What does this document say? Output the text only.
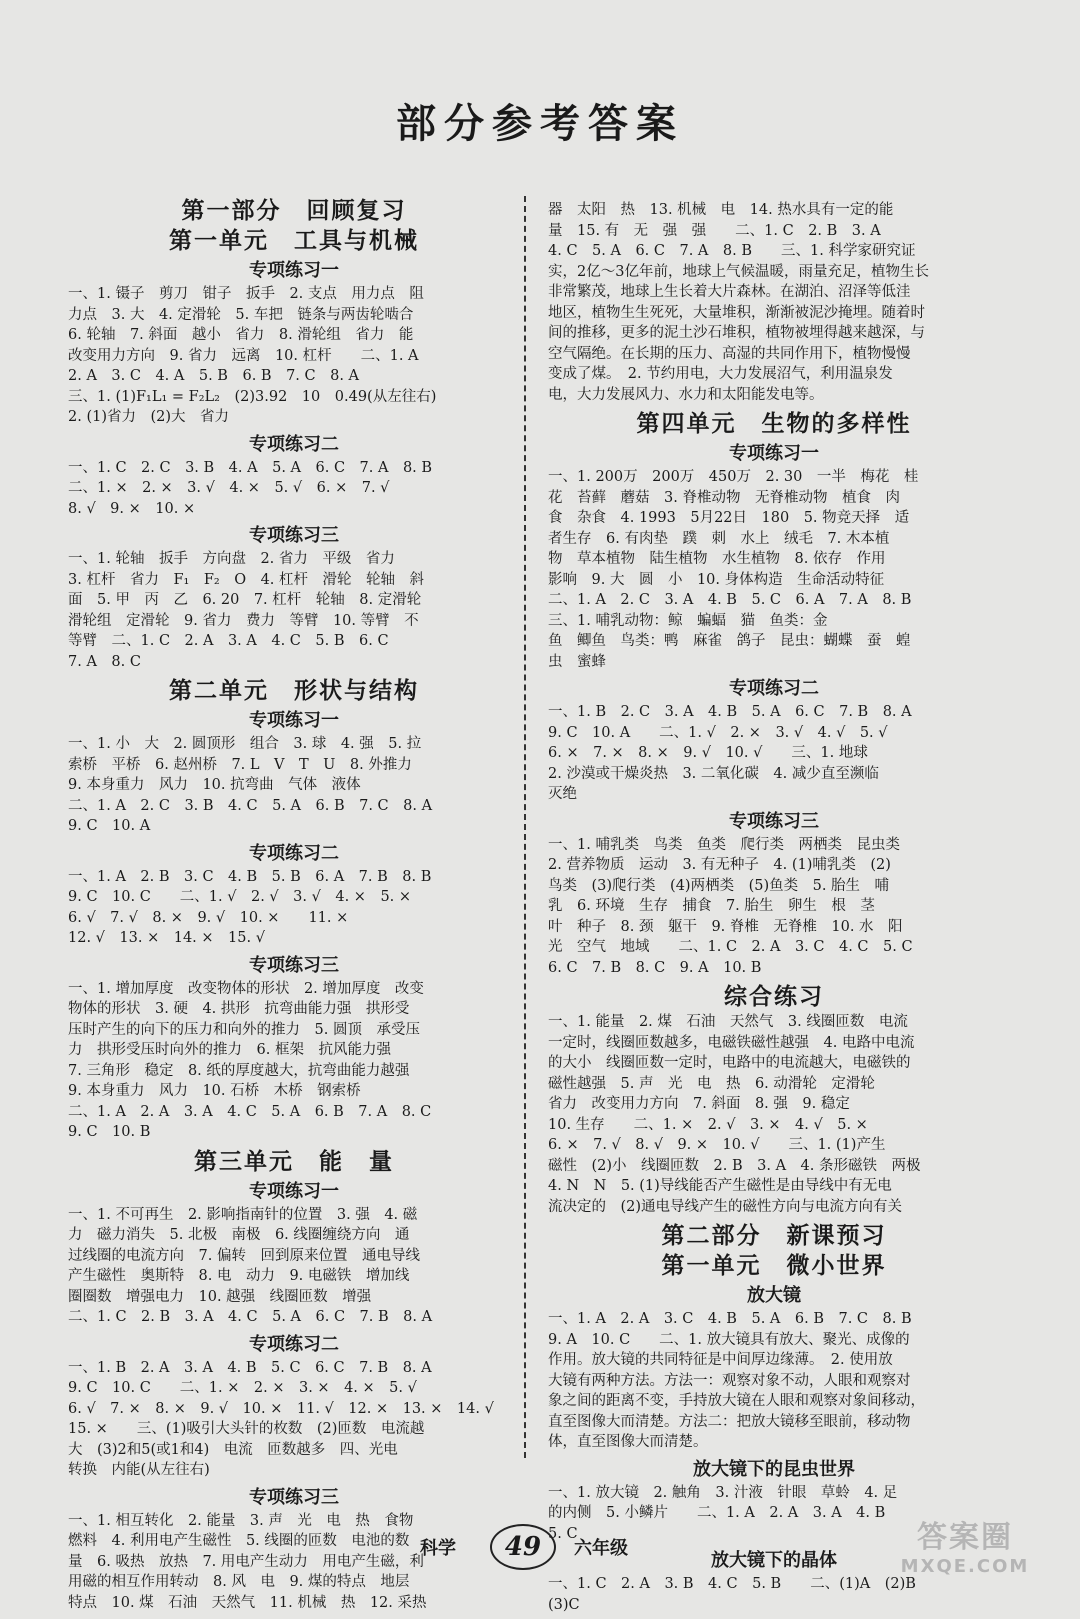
部分参考答案
第一部分　回顾复习
第一单元　工具与机械
专项练习一
一、1. 镊子　剪刀　钳子　扳手　2. 支点　用力点　阻
力点　3. 大　4. 定滑轮　5. 车把　链条与两齿轮啮合
6. 轮轴　7. 斜面　越小　省力　8. 滑轮组　省力　能
改变用力方向　9. 省力　远离　10. 杠杆　　二、1. A
2. A　3. C　4. A　5. B　6. B　7. C　8. A
三、1. (1)F₁L₁ = F₂L₂　(2)3.92　10　0.49(从左往右)
2. (1)省力　(2)大　省力
专项练习二
一、1. C　2. C　3. B　4. A　5. A　6. C　7. A　8. B
二、1. ×　2. ×　3. √　4. ×　5. √　6. ×　7. √
8. √　9. ×　10. ×
专项练习三
一、1. 轮轴　扳手　方向盘　2. 省力　平级　省力
3. 杠杆　省力　F₁　F₂　O　4. 杠杆　滑轮　轮轴　斜
面　5. 甲　丙　乙　6. 20　7. 杠杆　轮轴　8. 定滑轮
滑轮组　定滑轮　9. 省力　费力　等臂　10. 等臂　不
等臂　二、1. C　2. A　3. A　4. C　5. B　6. C
7. A　8. C
第二单元　形状与结构
专项练习一
一、1. 小　大　2. 圆顶形　组合　3. 球　4. 强　5. 拉
索桥　平桥　6. 赵州桥　7. L　V　T　U　8. 外推力
9. 本身重力　风力　10. 抗弯曲　气体　液体
二、1. A　2. C　3. B　4. C　5. A　6. B　7. C　8. A
9. C　10. A
专项练习二
一、1. A　2. B　3. C　4. B　5. B　6. A　7. B　8. B
9. C　10. C　　二、1. √　2. √　3. √　4. ×　5. ×
6. √　7. √　8. ×　9. √　10. ×　　11. ×
12. √　13. ×　14. ×　15. √
专项练习三
一、1. 增加厚度　改变物体的形状　2. 增加厚度　改变
物体的形状　3. 硬　4. 拱形　抗弯曲能力强　拱形受
压时产生的向下的压力和向外的推力　5. 圆顶　承受压
力　拱形受压时向外的推力　6. 框架　抗风能力强
7. 三角形　稳定　8. 纸的厚度越大，抗弯曲能力越强
9. 本身重力　风力　10. 石桥　木桥　钢索桥
二、1. A　2. A　3. A　4. C　5. A　6. B　7. A　8. C
9. C　10. B
第三单元　能　量
专项练习一
一、1. 不可再生　2. 影响指南针的位置　3. 强　4. 磁
力　磁力消失　5. 北极　南极　6. 线圈缠绕方向　通
过线圈的电流方向　7. 偏转　回到原来位置　通电导线
产生磁性　奥斯特　8. 电　动力　9. 电磁铁　增加线
圈圈数　增强电力　10. 越强　线圈匝数　增强
二、1. C　2. B　3. A　4. C　5. A　6. C　7. B　8. A
专项练习二
一、1. B　2. A　3. A　4. B　5. C　6. C　7. B　8. A
9. C　10. C　　二、1. ×　2. ×　3. ×　4. ×　5. √
6. √　7. ×　8. ×　9. √　10. ×　11. √　12. ×　13. ×　14. √
15. ×　　三、(1)吸引大头针的枚数　(2)匝数　电流越
大　(3)2和5(或1和4)　电流　匝数越多　四、光电
转换　内能(从左往右)
专项练习三
一、1. 相互转化　2. 能量　3. 声　光　电　热　食物
燃料　4. 利用电产生磁性　5. 线圈的匝数　电池的数
量　6. 吸热　放热　7. 用电产生动力　用电产生磁，利
用磁的相互作用转动　8. 风　电　9. 煤的特点　地层
特点　10. 煤　石油　天然气　11. 机械　热　12. 采热
器　太阳　热　13. 机械　电　14. 热水具有一定的能
量　15. 有　无　强　强　　二、1. C　2. B　3. A
4. C　5. A　6. C　7. A　8. B　　三、1. 科学家研究证
实，2亿～3亿年前，地球上气候温暖，雨量充足，植物生长
非常繁茂，地球上生长着大片森林。在湖泊、沼泽等低洼
地区，植物生生死死，大量堆积，渐渐被泥沙掩埋。随着时
间的推移，更多的泥土沙石堆积，植物被埋得越来越深，与
空气隔绝。在长期的压力、高湿的共同作用下，植物慢慢
变成了煤。　2. 节约用电，大力发展沼气，利用温泉发
电，大力发展风力、水力和太阳能发电等。
第四单元　生物的多样性
专项练习一
一、1. 200万　200万　450万　2. 30　一半　梅花　桂
花　苔藓　蘑菇　3. 脊椎动物　无脊椎动物　植食　肉
食　杂食　4. 1993　5月22日　180　5. 物竞天择　适
者生存　6. 有肉垫　蹼　刺　水上　绒毛　7. 木本植
物　草本植物　陆生植物　水生植物　8. 依存　作用
影响　9. 大　圆　小　10. 身体构造　生命活动特征
二、1. A　2. C　3. A　4. B　5. C　6. A　7. A　8. B
三、1. 哺乳动物：鲸　蝙蝠　猫　鱼类：金
鱼　鲫鱼　鸟类：鸭　麻雀　鸽子　昆虫：蝴蝶　蚕　蝗
虫　蜜蜂
专项练习二
一、1. B　2. C　3. A　4. B　5. A　6. C　7. B　8. A
9. C　10. A　　二、1. √　2. ×　3. √　4. √　5. √
6. ×　7. ×　8. ×　9. √　10. √　　三、1. 地球
2. 沙漠或干燥炎热　3. 二氧化碳　4. 减少直至濒临
灭绝
专项练习三
一、1. 哺乳类　鸟类　鱼类　爬行类　两栖类　昆虫类
2. 营养物质　运动　3. 有无种子　4. (1)哺乳类　(2)
鸟类　(3)爬行类　(4)两栖类　(5)鱼类　5. 胎生　哺
乳　6. 环境　生存　捕食　7. 胎生　卵生　根　茎
叶　种子　8. 颈　躯干　9. 脊椎　无脊椎　10. 水　阳
光　空气　地域　　二、1. C　2. A　3. C　4. C　5. C
6. C　7. B　8. C　9. A　10. B
综合练习
一、1. 能量　2. 煤　石油　天然气　3. 线圈匝数　电流
一定时，线圈匝数越多，电磁铁磁性越强　4. 电路中电流
的大小　线圈匝数一定时，电路中的电流越大，电磁铁的
磁性越强　5. 声　光　电　热　6. 动滑轮　定滑轮
省力　改变用力方向　7. 斜面　8. 强　9. 稳定
10. 生存　　二、1. ×　2. √　3. ×　4. √　5. ×
6. ×　7. √　8. √　9. ×　10. √　　三、1. (1)产生
磁性　(2)小　线圈匝数　2. B　3. A　4. 条形磁铁　两极
4. N　N　5. (1)导线能否产生磁性是由导线中有无电
流决定的　(2)通电导线产生的磁性方向与电流方向有关
第二部分　新课预习
第一单元　微小世界
放大镜
一、1. A　2. A　3. C　4. B　5. A　6. B　7. C　8. B
9. A　10. C　　二、1. 放大镜具有放大、聚光、成像的
作用。放大镜的共同特征是中间厚边缘薄。　2. 使用放
大镜有两种方法。方法一：观察对象不动，人眼和观察对
象之间的距离不变，手持放大镜在人眼和观察对象间移动，
直至图像大而清楚。方法二：把放大镜移至眼前，移动物
体，直至图像大而清楚。
放大镜下的昆虫世界
一、1. 放大镜　2. 触角　3. 汁液　针眼　草蛉　4. 足
的内侧　5. 小鳞片　　二、1. A　2. A　3. A　4. B
5. C
放大镜下的晶体
一、1. C　2. A　3. B　4. C　5. B　　二、(1)A　(2)B
(3)C
科学	49	六年级	答案圈
MXQE.COM
